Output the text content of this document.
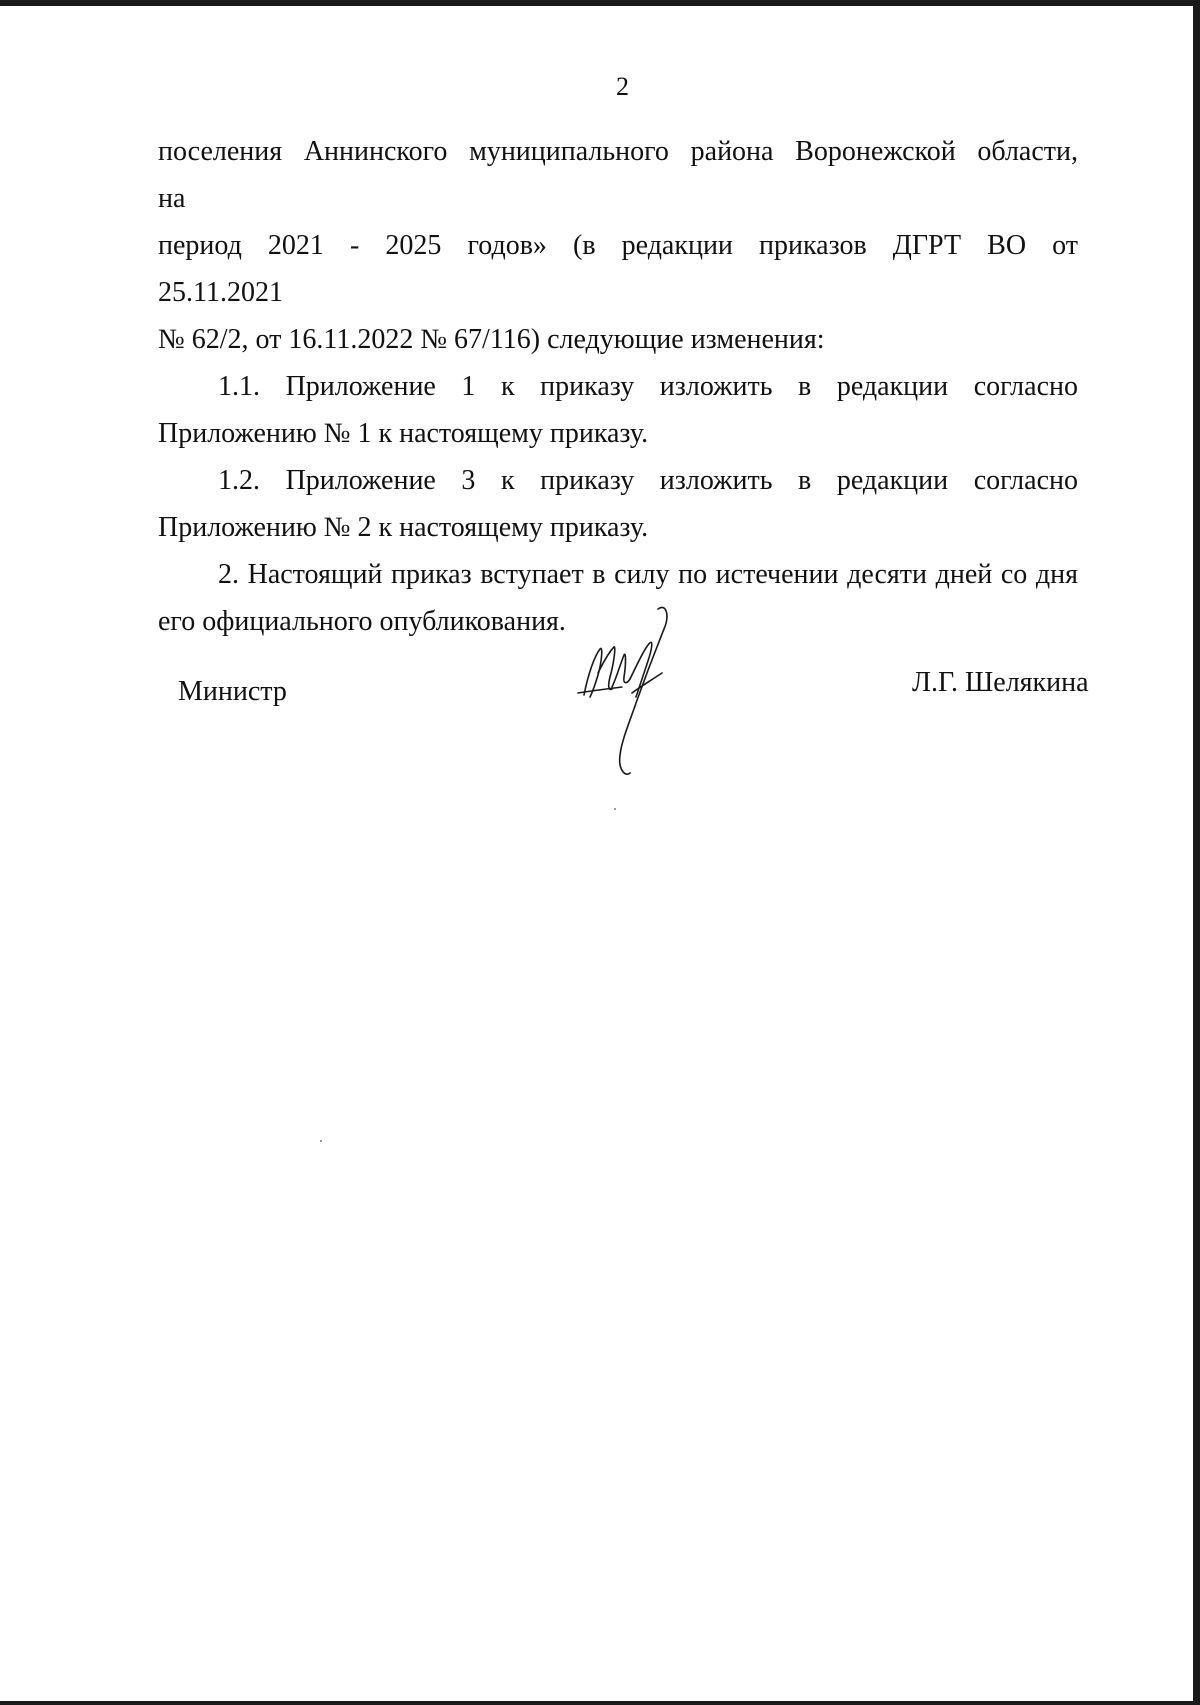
2

поселения Аннинского муниципального района Воронежской области, на
период 2021 - 2025 годов» (в редакции приказов ДГРТ ВО от 25.11.2021
№ 62/2, от 16.11.2022 № 67/116) следующие изменения:

1.1. Приложение 1 к приказу изложить в редакции согласно Приложению № 1 к настоящему приказу.

1.2. Приложение 3 к приказу изложить в редакции согласно Приложению № 2 к настоящему приказу.

2. Настоящий приказ вступает в силу по истечении десяти дней со дня его официального опубликования.

Министр	Л.Г. Шелякина
